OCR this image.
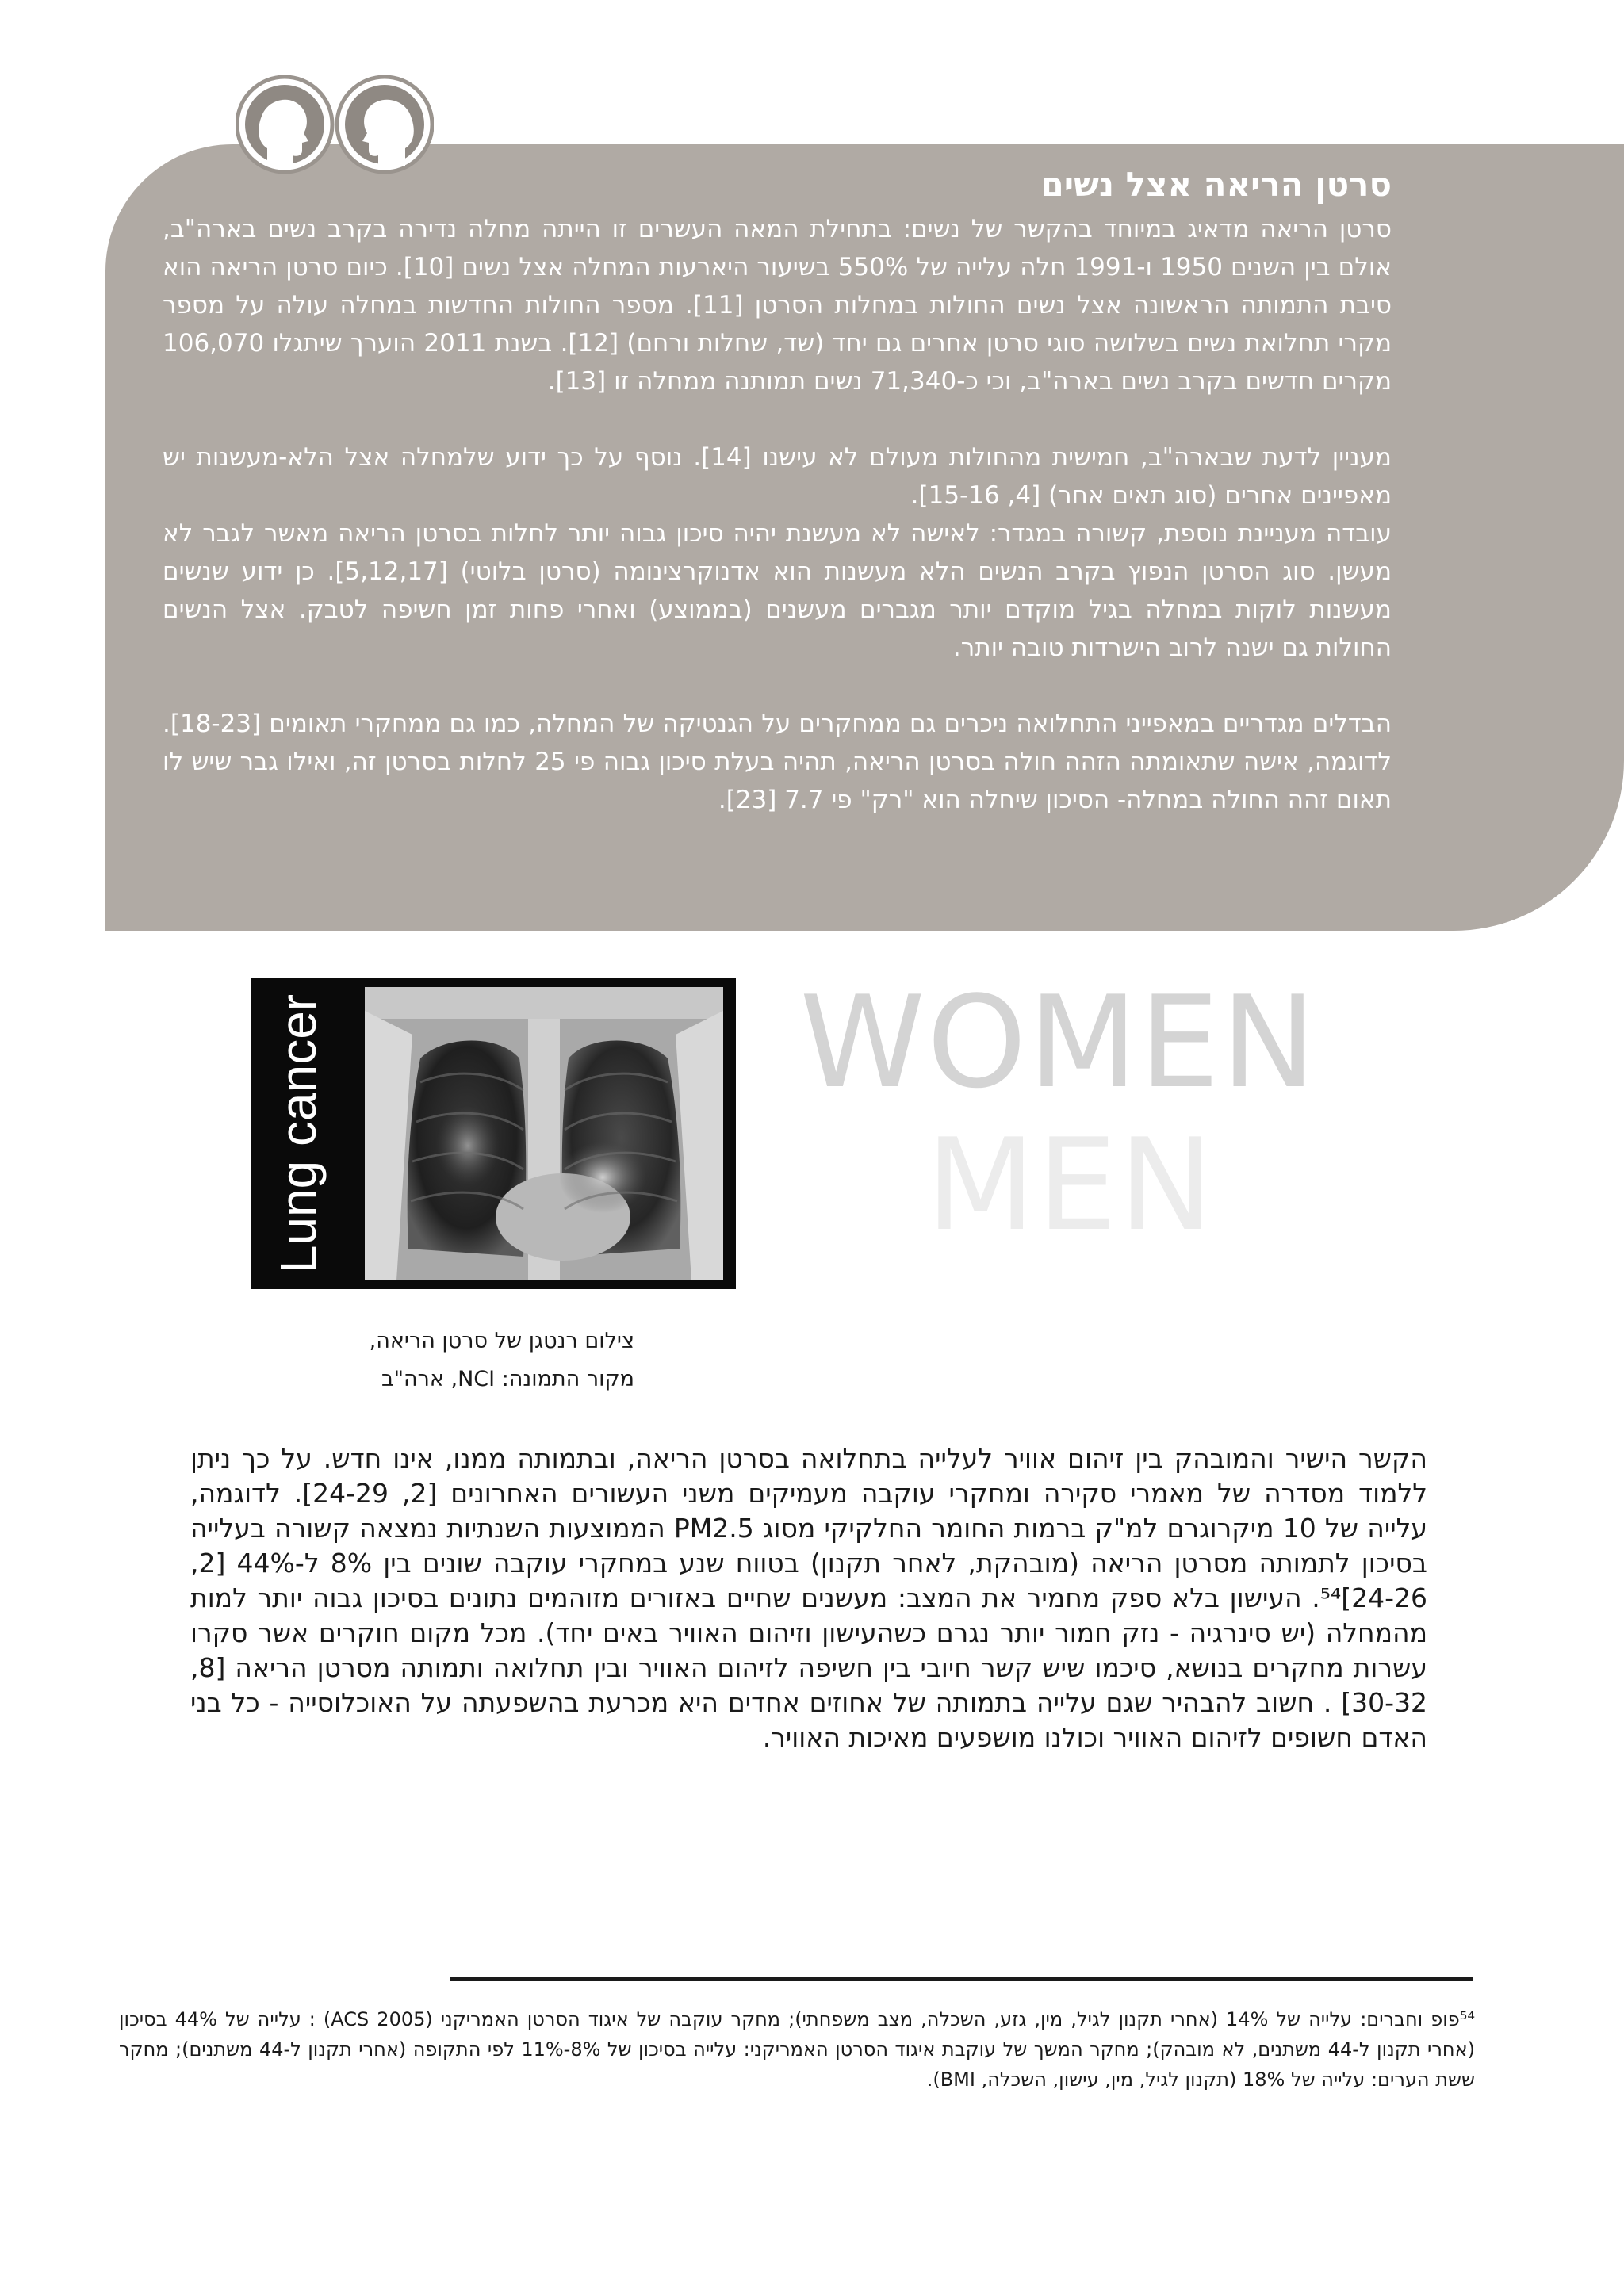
סרטן הריאה אצל נשים

סרטן הריאה מדאיג במיוחד בהקשר של נשים: בתחילת המאה העשרים זו הייתה מחלה נדירה בקרב נשים בארה"ב, אולם בין השנים 1950 ו-1991 חלה עלייה של 550% בשיעור היארעות המחלה אצל נשים [10]. כיום סרטן הריאה הוא סיבת התמותה הראשונה אצל נשים החולות במחלות הסרטן [11]. מספר החולות החדשות במחלה עולה על מספר מקרי תחלואת נשים בשלושה סוגי סרטן אחרים גם יחד (שד, שחלות ורחם) [12]. בשנת 2011 הוערך שיתגלו 106,070 מקרים חדשים בקרב נשים בארה"ב, וכי כ-71,340 נשים תמותנה ממחלה זו [13].

מעניין לדעת שבארה"ב, חמישית מהחולות מעולם לא עישנו [14]. נוסף על כך ידוע שלמחלה אצל הלא-מעשנות יש מאפיינים אחרים (סוג תאים אחר) [4, 15-16].

עובדה מעניינת נוספת, קשורה במגדר: לאישה לא מעשנת יהיה סיכון גבוה יותר לחלות בסרטן הריאה מאשר לגבר לא מעשן. סוג הסרטן הנפוץ בקרב הנשים הלא מעשנות הוא אדנוקרצינומה (סרטן בלוטי) [5,12,17]. כן ידוע שנשים מעשנות לוקות במחלה בגיל מוקדם יותר מגברים מעשנים (בממוצע) ואחרי פחות זמן חשיפה לטבק. אצל הנשים החולות גם ישנה לרוב הישרדות טובה יותר.

הבדלים מגדריים במאפייני התחלואה ניכרים גם ממחקרים על הגנטיקה של המחלה, כמו גם ממחקרי תאומים [18-23]. לדוגמה, אישה שתאומתה הזהה חולה בסרטן הריאה, תהיה בעלת סיכון גבוה פי 25 לחלות בסרטן זה, ואילו גבר שיש לו תאום זהה החולה במחלה- הסיכון שיחלה הוא "רק" פי 7.7 [23].

Lung cancer
צילום רנטגן של סרטן הריאה,
מקור התמונה: NCI, ארה"ב
WOMEN
MEN

הקשר הישיר והמובהק בין זיהום אוויר לעלייה בתחלואה בסרטן הריאה, ובתמותה ממנו, אינו חדש. על כך ניתן ללמוד מסדרה של מאמרי סקירה ומחקרי עוקבה מעמיקים משני העשורים האחרונים [2, 24-29]. לדוגמה, עלייה של 10 מיקרוגרם למ"ק ברמות החומר החלקיקי מסוג PM2.5 הממוצעות השנתיות נמצאה קשורה בעלייה בסיכון לתמותה מסרטן הריאה (מובהקת, לאחר תקנון) בטווח שנע במחקרי עוקבה שונים בין 8% ל-44% [2, 24-26]⁵⁴. העישון בלא ספק מחמיר את המצב: מעשנים שחיים באזורים מזוהמים נתונים בסיכון גבוה יותר למות מהמחלה (יש סינרגיה - נזק חמור יותר נגרם כשהעישון וזיהום האוויר באים יחד). מכל מקום חוקרים אשר סקרו עשרות מחקרים בנושא, סיכמו שיש קשר חיובי בין חשיפה לזיהום האוויר ובין תחלואה ותמותה מסרטן הריאה [8, 30-32] . חשוב להבהיר שגם עלייה בתמותה של אחוזים אחדים היא מכרעת בהשפעתה על האוכלוסייה - כל בני האדם חשופים לזיהום האוויר וכולנו מושפעים מאיכות האוויר.

⁵⁴פופ וחברים: עלייה של 14% (אחרי תקנון לגיל, מין, גזע, השכלה, מצב משפחתי); מחקר עוקבה של איגוד הסרטן האמריקני (ACS 2005) : עלייה של 44% בסיכון (אחרי תקנון ל-44 משתנים, לא מובהק); מחקר המשך של עוקבת איגוד הסרטן האמריקני: עלייה בסיכון של 8%-11% לפי התקופה (אחרי תקנון ל-44 משתנים); מחקר ששת הערים: עלייה של 18% (תקנון לגיל, מין, עישון, השכלה, BMI).
